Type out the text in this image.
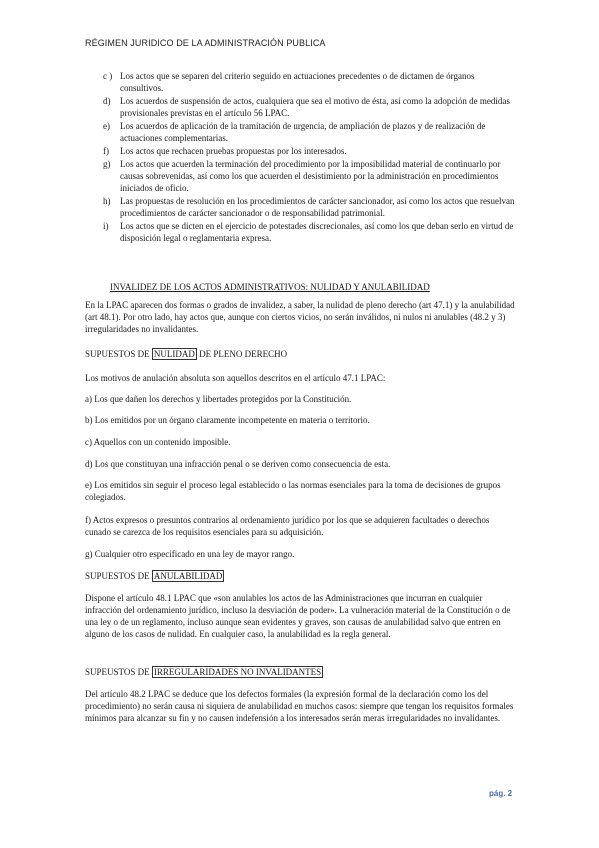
RÉGIMEN JURIDICO DE LA ADMINISTRACIÓN PUBLICA
c ) Los actos que se separen del criterio seguido en actuaciones precedentes o de dictamen de órganos consultivos.
d) Los acuerdos de suspensión de actos, cualquiera que sea el motivo de ésta, así como la adopción de medidas provisionales previstas en el artículo 56 LPAC.
e) Los acuerdos de aplicación de la tramitación de urgencia, de ampliación de plazos y de realización de actuaciones complementarias.
f) Los actos que rechacen pruebas propuestas por los interesados.
g) Los actos que acuerden la terminación del procedimiento por la imposibilidad material de continuarlo por causas sobrevenidas, así como los que acuerden el desistimiento por la administración en procedimientos iniciados de oficio.
h) Las propuestas de resolución en los procedimientos de carácter sancionador, así como los actos que resuelvan procedimientos de carácter sancionador o de responsabilidad patrimonial.
i) Los actos que se dicten en el ejercicio de potestades discrecionales, así como los que deban serlo en virtud de disposición legal o reglamentaria expresa.
INVALIDEZ DE LOS ACTOS ADMINISTRATIVOS: NULIDAD Y ANULABILIDAD

En la LPAC aparecen dos formas o grados de invalidez, a saber, la nulidad de pleno derecho (art 47.1) y la anulabilidad (art 48.1). Por otro lado, hay actos que, aunque con ciertos vicios, no serán inválidos, ni nulos ni anulables (48.2 y 3) irregularidades no invalidantes.

SUPUESTOS DE NULIDAD DE PLENO DERECHO

Los motivos de anulación absoluta son aquellos descritos en el artículo 47.1 LPAC:

a) Los que dañen los derechos y libertades protegidos por la Constitución.

b) Los emitidos por un órgano claramente incompetente en materia o territorio.

c) Aquellos con un contenido imposible.

d) Los que constituyan una infracción penal o se deriven como consecuencia de esta.

e) Los emitidos sin seguir el proceso legal establecido o las normas esenciales para la toma de decisiones de grupos colegiados.

f) Actos expresos o presuntos contrarios al ordenamiento jurídico por los que se adquieren facultades o derechos cunado se carezca de los requisitos esenciales para su adquisición.

g) Cualquier otro especificado en una ley de mayor rango.

SUPUESTOS DE ANULABILIDAD

Dispone el artículo 48.1 LPAC que «son anulables los actos de las Administraciones que incurran en cualquier infracción del ordenamiento jurídico, incluso la desviación de poder». La vulneración material de la Constitución o de una ley o de un reglamento, incluso aunque sean evidentes y graves, son causas de anulabilidad salvo que entren en alguno de los casos de nulidad. En cualquier caso, la anulabilidad es la regla general.

SUPEUSTOS DE IRREGULARIDADES NO INVALIDANTES

Del artículo 48.2 LPAC se deduce que los defectos formales (la expresión formal de la declaración como los del procedimiento) no serán causa ni siquiera de anulabilidad en muchos casos: siempre que tengan los requisitos formales mínimos para alcanzar su fin y no causen indefensión a los interesados serán meras irregularidades no invalidantes.

pág. 2
